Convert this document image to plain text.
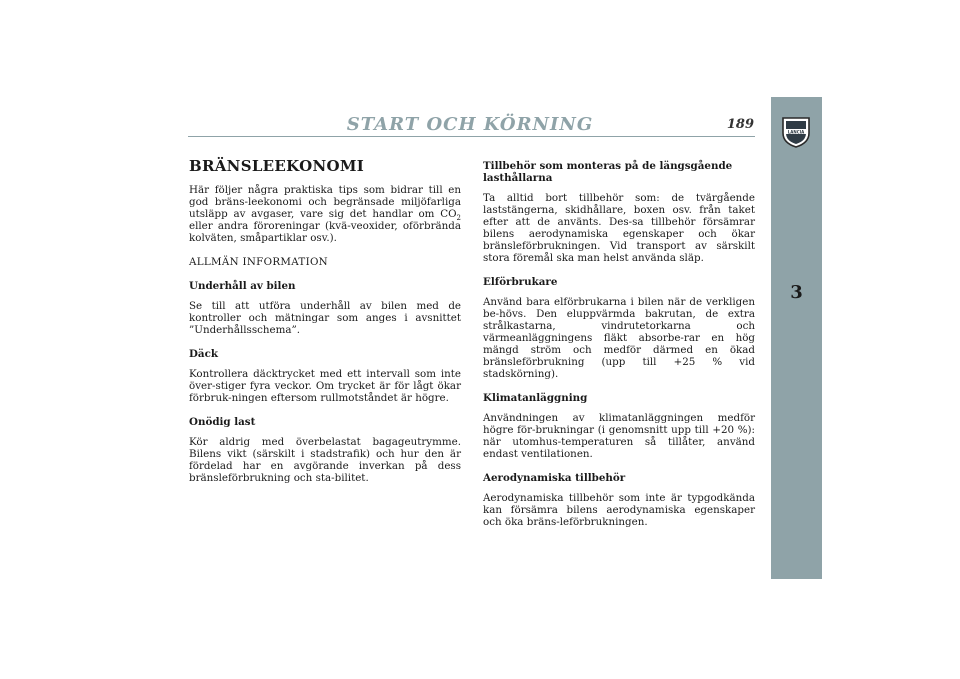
START OCH KÖRNING	189	LANCIA
3
BRÄNSLEEKONOMI

Här följer några praktiska tips som bidrar till en god bräns-leekonomi och begränsade miljöfarliga utsläpp av avgaser, vare sig det handlar om $CO_2$ eller andra föroreningar (kvä-veoxider, oförbrända kolväten, småpartiklar osv.).

ALLMÄN INFORMATION
Underhåll av bilen

Se till att utföra underhåll av bilen med de kontroller och mätningar som anges i avsnittet ”Underhållsschema”.

Däck

Kontrollera däcktrycket med ett intervall som inte över-stiger fyra veckor. Om trycket är för lågt ökar förbruk-ningen eftersom rullmotståndet är högre.

Onödig last

Kör aldrig med överbelastat bagageutrymme. Bilens vikt (särskilt i stadstrafik) och hur den är fördelad har en avgörande inverkan på dess bränsleförbrukning och sta-bilitet.

Tillbehör som monteras på de längsgående lasthållarna

Ta alltid bort tillbehör som: de tvärgående laststängerna, skidhållare, boxen osv. från taket efter att de använts. Des-sa tillbehör försämrar bilens aerodynamiska egenskaper och ökar bränsleförbrukningen. Vid transport av särskilt stora föremål ska man helst använda släp.

Elförbrukare

Använd bara elförbrukarna i bilen när de verkligen be-hövs. Den eluppvärmda bakrutan, de extra strålkastarna, vindrutetorkarna och värmeanläggningens fläkt absorbe-rar en hög mängd ström och medför därmed en ökad bränsleförbrukning (upp till +25 % vid stadskörning).

Klimatanläggning

Användningen av klimatanläggningen medför högre för-brukningar (i genomsnitt upp till +20 %): när utomhus-temperaturen så tillåter, använd endast ventilationen.

Aerodynamiska tillbehör

Aerodynamiska tillbehör som inte är typgodkända kan försämra bilens aerodynamiska egenskaper och öka bräns-leförbrukningen.
